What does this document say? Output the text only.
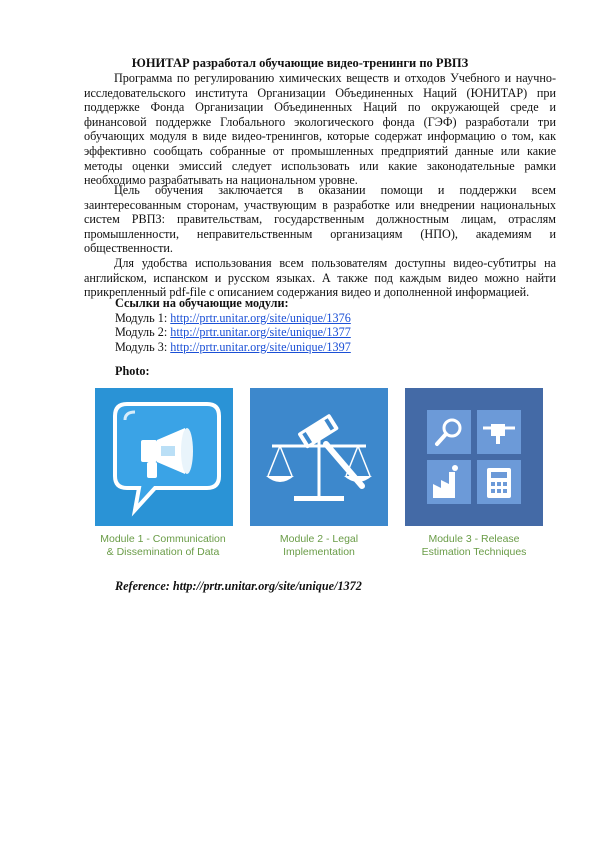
ЮНИТАР разработал обучающие видео-тренинги по РВПЗ

Программа по регулированию химических веществ и отходов Учебного и научно-исследовательского института Организации Объединенных Наций (ЮНИТАР) при поддержке Фонда Организации Объединенных Наций по окружающей среде и финансовой поддержке Глобального экологического фонда (ГЭФ) разработали три обучающих модуля в виде видео-тренингов, которые содержат информацию о том, как эффективно сообщать собранные от промышленных предприятий данные или какие методы оценки эмиссий следует использовать или какие законодательные рамки необходимо разрабатывать на национальном уровне.

Цель обучения заключается в оказании помощи и поддержки всем заинтересованным сторонам, участвующим в разработке или внедрении национальных систем РВПЗ: правительствам, государственным должностным лицам, отраслям промышленности, неправительственным организациям (НПО), академиям и общественности.

Для удобства использования всем пользователям доступны видео-субтитры на английском, испанском и русском языках. А также под каждым видео можно найти прикрепленный pdf-file с описанием содержания видео и дополненной информацией.

Ссылки на обучающие модули:
Модуль 1: http://prtr.unitar.org/site/unique/1376
Модуль 2: http://prtr.unitar.org/site/unique/1377
Модуль 3: http://prtr.unitar.org/site/unique/1397
Photo:
Module 1 - Communication
& Dissemination of Data
Module 2 - Legal
Implementation
Module 3 - Release
Estimation Techniques
Reference: http://prtr.unitar.org/site/unique/1372
